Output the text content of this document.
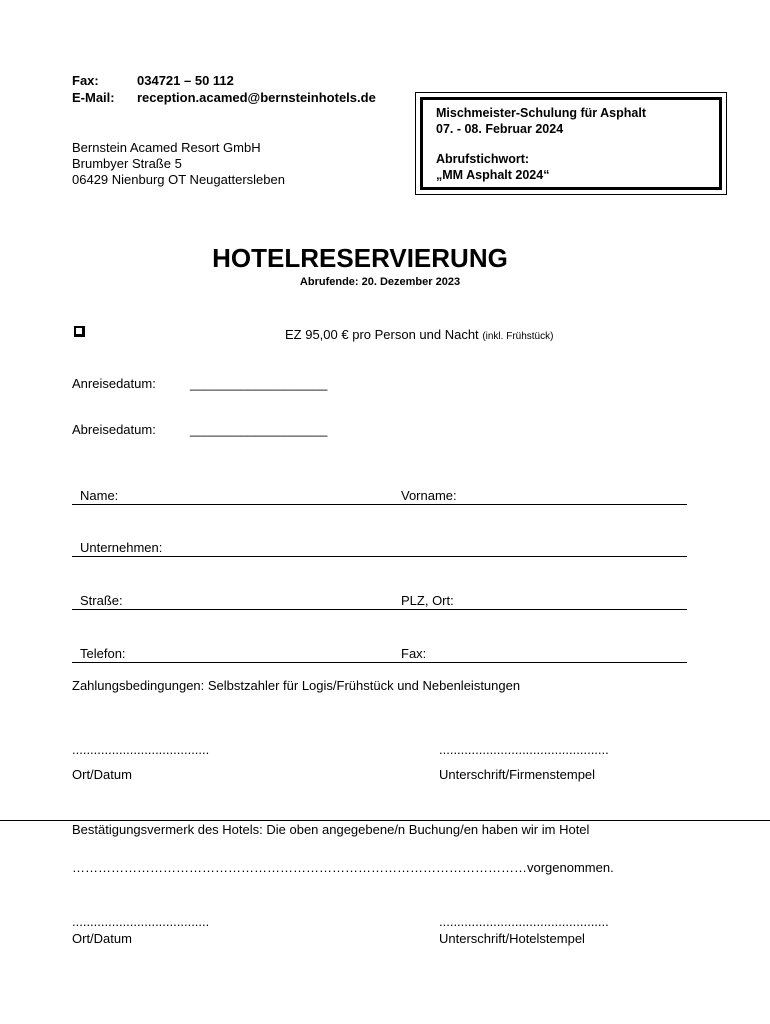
Fax:	034721 – 50 112
E-Mail: reception.acamed@bernsteinhotels.de
Bernstein Acamed Resort GmbH
Brumbyer Straße 5
06429 Nienburg OT Neugattersleben
Mischmeister-Schulung für Asphalt
07. - 08. Februar 2024
Abrufstichwort:
„MM Asphalt 2024“
HOTELRESERVIERUNG
Abrufende: 20. Dezember 2023
EZ 95,00 € pro Person und Nacht (inkl. Frühstück)
Anreisedatum:	___________________
Abreisedatum:	___________________
Name:	Vorname:
Unternehmen:
Straße:	PLZ, Ort:
Telefon:	Fax:
Zahlungsbedingungen: Selbstzahler für Logis/Frühstück und Nebenleistungen
......................................
Ort/Datum
...............................................
Unterschrift/Firmenstempel
Bestätigungsvermerk des Hotels: Die oben angegebene/n Buchung/en haben wir im Hotel
……………………………………………………………………………………………vorgenommen.
......................................
Ort/Datum
...............................................
Unterschrift/Hotelstempel
